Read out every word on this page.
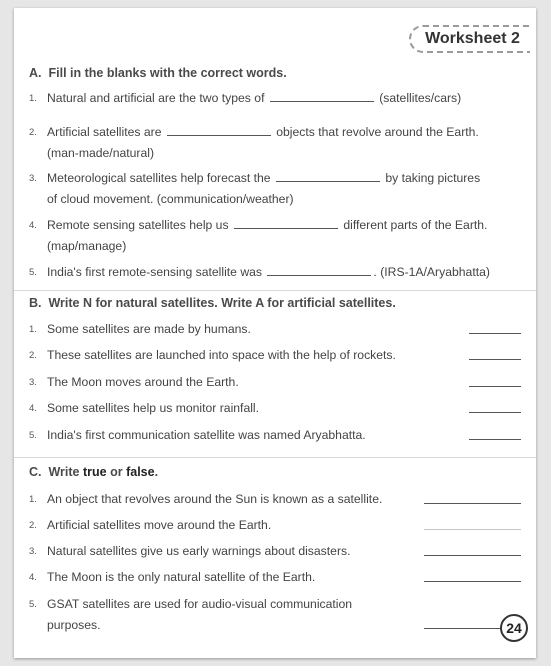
Worksheet 2
A. Fill in the blanks with the correct words.
1. Natural and artificial are the two types of	(satellites/cars)
2. Artificial satellites are	objects that revolve around the Earth.
(man-made/natural)
3. Meteorological satellites help forecast the	by taking pictures
of cloud movement. (communication/weather)
4. Remote sensing satellites help us	different parts of the Earth.
(map/manage)
5. India's first remote-sensing satellite was	. (IRS-1A/Aryabhatta)
B. Write N for natural satellites. Write A for artificial satellites.
1. Some satellites are made by humans.
2. These satellites are launched into space with the help of rockets.
3. The Moon moves around the Earth.
4. Some satellites help us monitor rainfall.
5. India's first communication satellite was named Aryabhatta.
C. Write true or false.
1. An object that revolves around the Sun is known as a satellite.
2. Artificial satellites move around the Earth.
3. Natural satellites give us early warnings about disasters.
4. The Moon is the only natural satellite of the Earth.
5. GSAT satellites are used for audio-visual communication
purposes.	24
